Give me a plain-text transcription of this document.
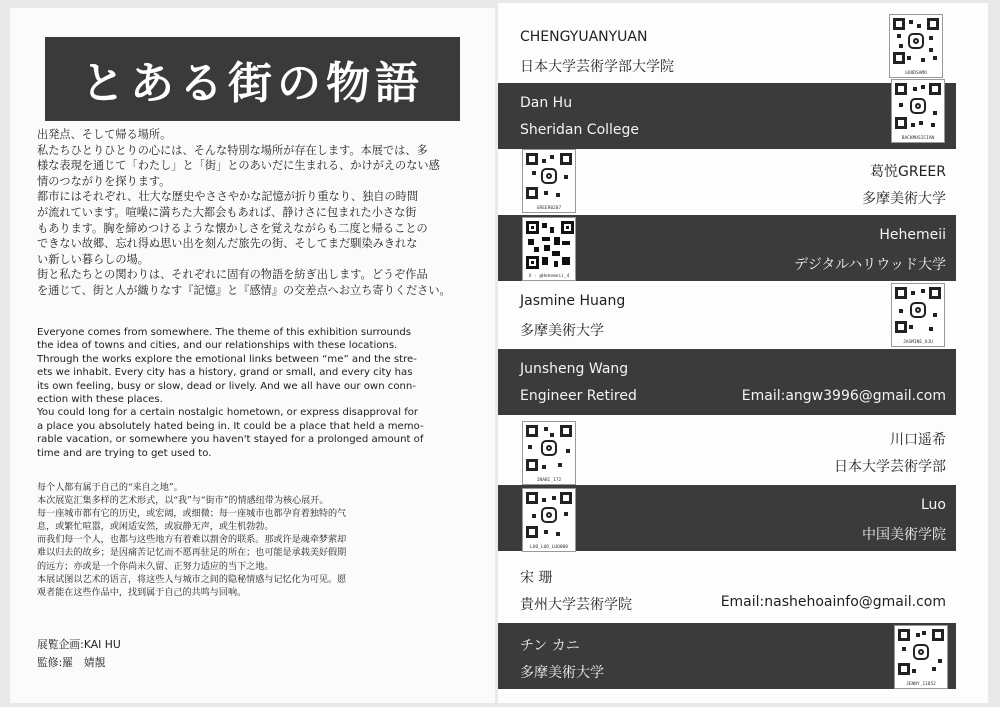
とある街の物語

出発点、そして帰る場所。

私たちひとりひとりの心には、そんな特別な場所が存在します。本展では、多

様な表現を通じて「わたし」と「街」とのあいだに生まれる、かけがえのない感

情のつながりを探ります。

都市にはそれぞれ、壮大な歴史やささやかな記憶が折り重なり、独自の時間

が流れています。喧噪に満ちた大都会もあれば、静けさに包まれた小さな街

もあります。胸を締めつけるような懐かしさを覚えながらも二度と帰ることの

できない故郷、忘れ得ぬ思い出を刻んだ旅先の街、そしてまだ馴染みきれな

い新しい暮らしの場。

街と私たちとの関わりは、それぞれに固有の物語を紡ぎ出します。どうぞ作品

を通じて、街と人が織りなす『記憶』と『感情』の交差点へお立ち寄りください。

Everyone comes from somewhere. The theme of this exhibition surrounds

the idea of towns and cities, and our relationships with these locations.

Through the works explore the emotional links between “me” and the stre-

ets we inhabit. Every city has a history, grand or small, and every city has

its own feeling, busy or slow, dead or lively. And we all have our own conn-

ection with these places.

You could long for a certain nostalgic hometown, or express disapproval for

a place you absolutely hated being in. It could be a place that held a memo-

rable vacation, or somewhere you haven't stayed for a prolonged amount of

time and are trying to get used to.

每个人都有属于自己的“来自之地”。

本次展览汇集多样的艺术形式，以“我”与“街市”的情感纽带为核心展开。

每一座城市都有它的历史，或宏阔，或细微；每一座城市也都孕育着独特的气

息，或繁忙喧嚣，或闲适安然，或寂静无声，或生机勃勃。

而我们每一个人，也都与这些地方有着难以割舍的联系。那或许是魂牵梦萦却

难以归去的故乡；是因痛苦记忆而不愿再驻足的所在；也可能是承载美好假期

的远方；亦或是一个你尚未久留、正努力适应的当下之地。

本展试图以艺术的语言，将这些人与城市之间的隐秘情感与记忆化为可见。愿

观者能在这些作品中，找到属于自己的共鸣与回响。

展覧企画:KAI HU
監修:羅　婧靚
CHENGYUANYUAN
日本大学芸術学部大学院	GOODSAMO
Dan Hu
Sheridan College
BACKMUSICIAN
葛悦GREER
多摩美術大学
GREER0207
Hehemeii
デジタルハリウッド大学
X · @Hehemeii_4
Jasmine Huang
多摩美術大学
JASMINE_UJU
Junsheng Wang
Engineer Retired	Email:angw3996@gmail.com
川口遥希
日本大学芸術学部
INABI_172
Luo
中国美術学院
LUO_LUO_LUO000
宋 珊
貴州大学芸術学院	Email:nashehoainfo@gmail.com
チン カニ
多摩美術大学
JENNY_11852
